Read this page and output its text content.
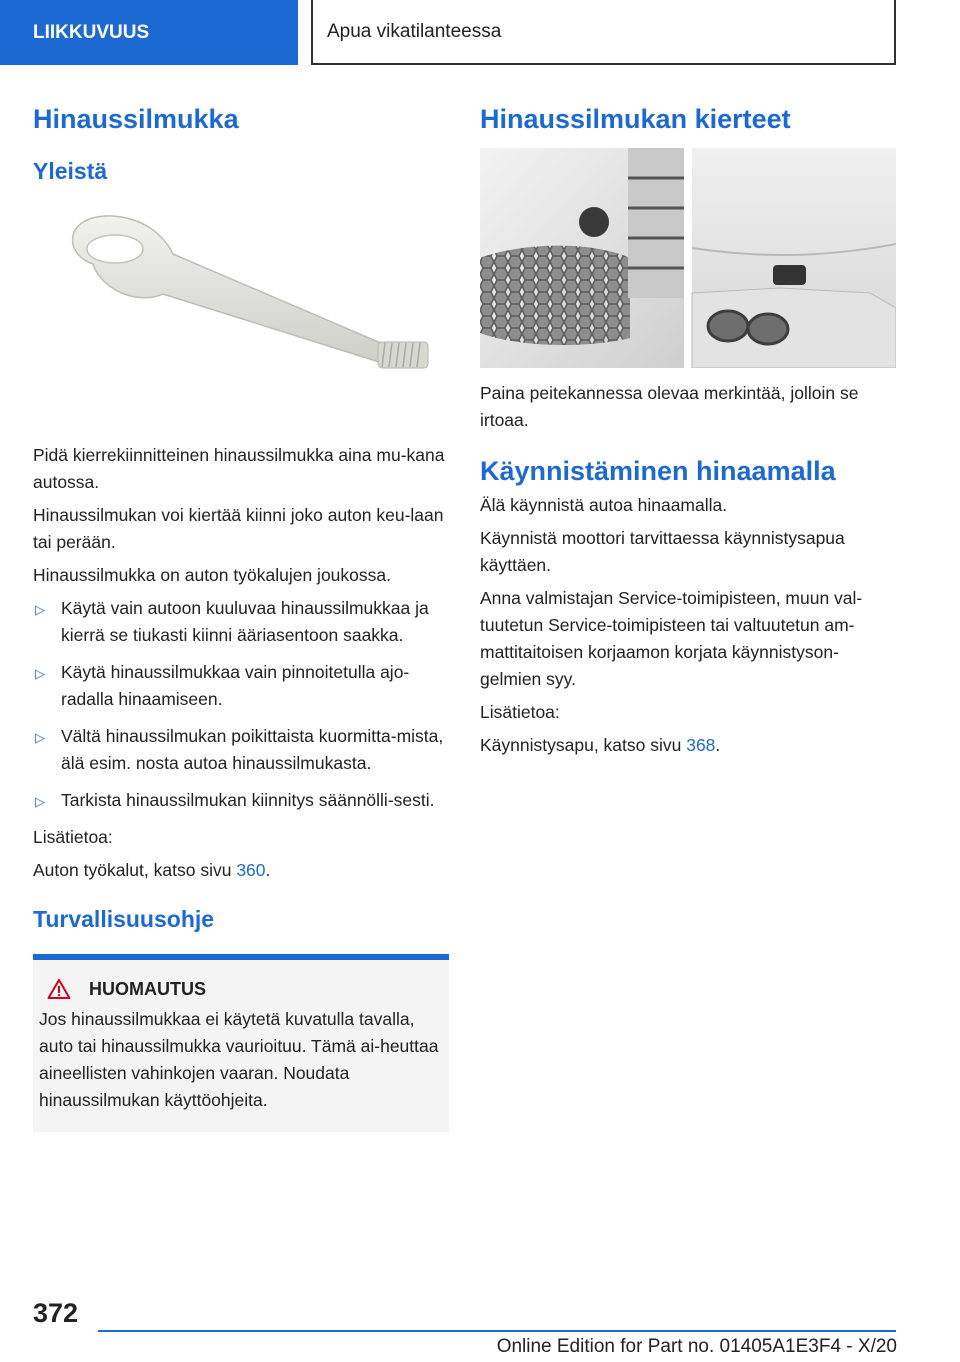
LIIKKUVUUS	Apua vikatilanteessa
Hinaussilmukka
Yleistä

Pidä kierrekiinnitteinen hinaussilmukka aina mu-kana autossa.

Hinaussilmukan voi kiertää kiinni joko auton keu-laan tai perään.

Hinaussilmukka on auton työkalujen joukossa.

▷ Käytä vain autoon kuuluvaa hinaussilmukkaa ja kierrä se tiukasti kiinni ääriasentoon saakka.
▷ Käytä hinaussilmukkaa vain pinnoitetulla ajo-radalla hinaamiseen.
▷ Vältä hinaussilmukan poikittaista kuormitta-mista, älä esim. nosta autoa hinaussilmukasta.
▷ Tarkista hinaussilmukan kiinnitys säännölli-sesti.

Lisätietoa:

Auton työkalut, katso sivu 360.

Turvallisuusohje
HUOMAUTUS

Jos hinaussilmukkaa ei käytetä kuvatulla tavalla, auto tai hinaussilmukka vaurioituu. Tämä ai-heuttaa aineellisten vahinkojen vaaran. Noudata hinaussilmukan käyttöohjeita.

Hinaussilmukan kierteet

Paina peitekannessa olevaa merkintää, jolloin se irtoaa.

Käynnistäminen hinaamalla

Älä käynnistä autoa hinaamalla.

Käynnistä moottori tarvittaessa käynnistysapua käyttäen.

Anna valmistajan Service-toimipisteen, muun val-tuutetun Service-toimipisteen tai valtuutetun am-mattitaitoisen korjaamon korjata käynnistyson-gelmien syy.

Lisätietoa:

Käynnistysapu, katso sivu 368.

372
Online Edition for Part no. 01405A1E3F4 - X/20
